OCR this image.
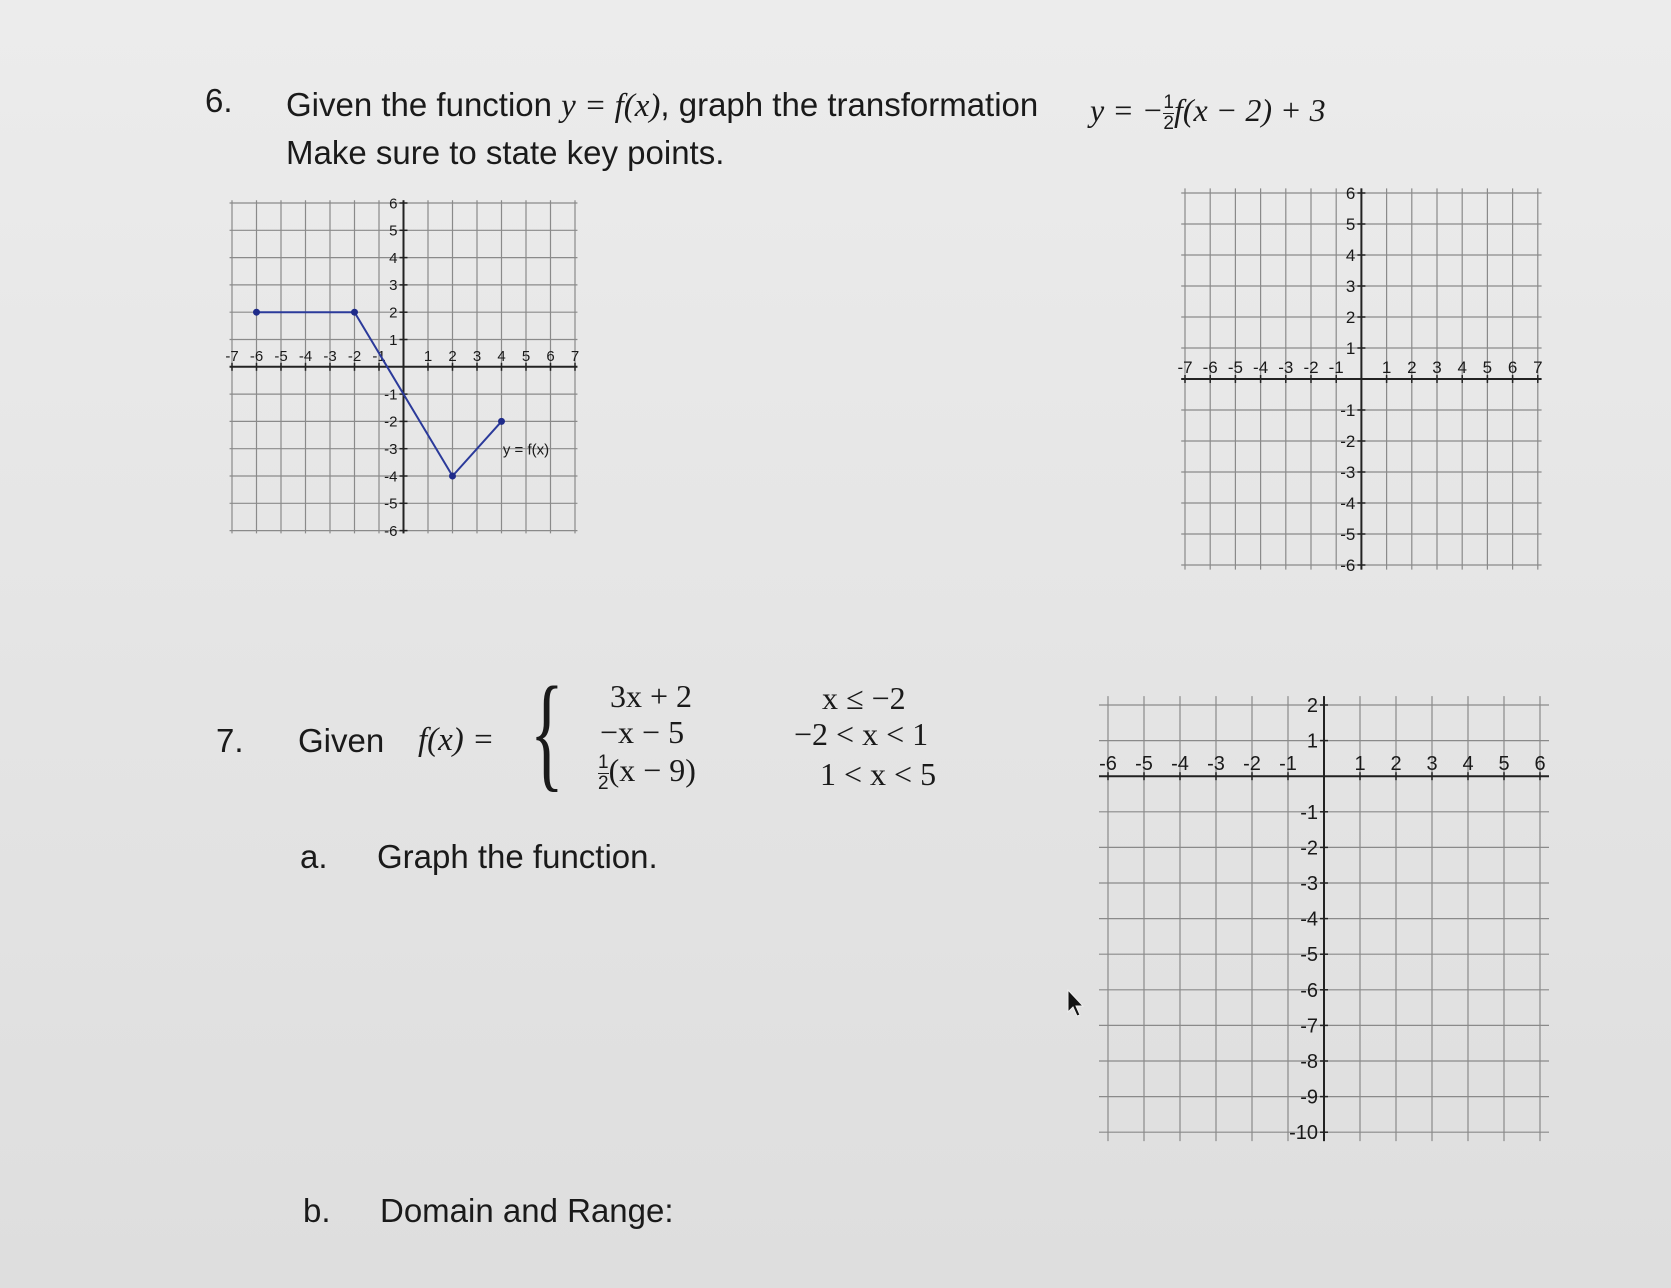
6. Given the function y = f(x), graph the transformation y = − $\frac{1}{2} f(x - 2) + 3$
Make sure to state key points.
-7 -6 -5 -4 -3 -2 -1	1 2 3 4 5 6 7
6
5
4
3
2
1
-1
-2
-3
-4
-5
-6
y = f(x)
-7 -6 -5 -4 -3 -2 -1 1 2 3 4 5 6 7
6
5
4
3
2
1
-1
-2
-3
-4
-5
-6
7. Given f(x) = { 3x + 2
−x − 5
$\frac{1}{2} (x - 9)$
x ≤ −2
−2 < x < 1
1 < x < 5
a. Graph the function.
b. Domain and Range:
-6 -5 -4 -3 -2 -1	1 2 3 4 5 6
2
1
-1
-2
-3
-4
-5
-6
-7
-8
-9
-10
